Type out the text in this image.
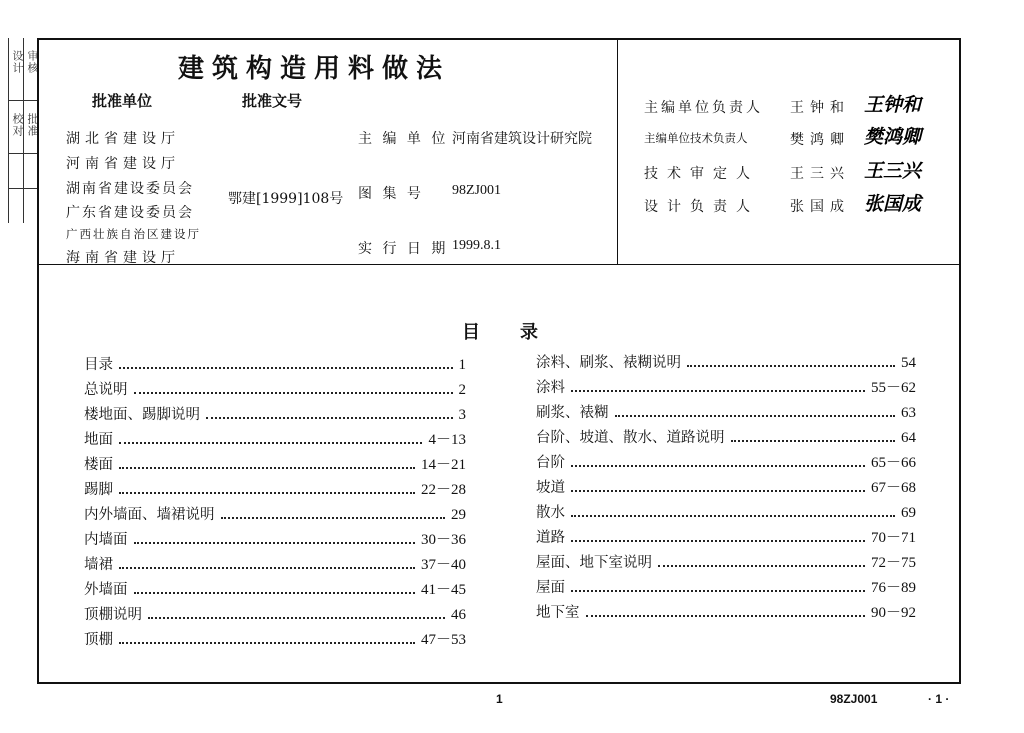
设计 审核
校对 批准
建筑构造用料做法
批准单位	批准文号
湖北省建设厅
河南省建设厅
湖南省建设委员会
广东省建设委员会
广西壮族自治区建设厅
海南省建设厅
鄂建[1999]108号
主 编 单 位 河南省建筑设计研究院
图 集 号 98ZJ001
实 行 日 期 1999.8.1
主编单位负责人 王钟和 王钟和
主编单位技术负责人	樊鸿卿 樊鸿卿
技术审定人 王三兴 王三兴
设计负责人 张国成 张国成
目录
目录	1
总说明	2
楼地面、踢脚说明	3
地面	4－13
楼面	14－21
踢脚	22－28
内外墙面、墙裙说明	29
内墙面	30－36
墙裙	37－40
外墙面	41－45
顶棚说明	46
顶棚	47－53
涂料、刷浆、裱糊说明	54
涂料	55－62
刷浆、裱糊	63
台阶、坡道、散水、道路说明	64
台阶	65－66
坡道	67－68
散水	69
道路	70－71
屋面、地下室说明	72－75
屋面	76－89
地下室	90－92
1	98ZJ001	· 1 ·
